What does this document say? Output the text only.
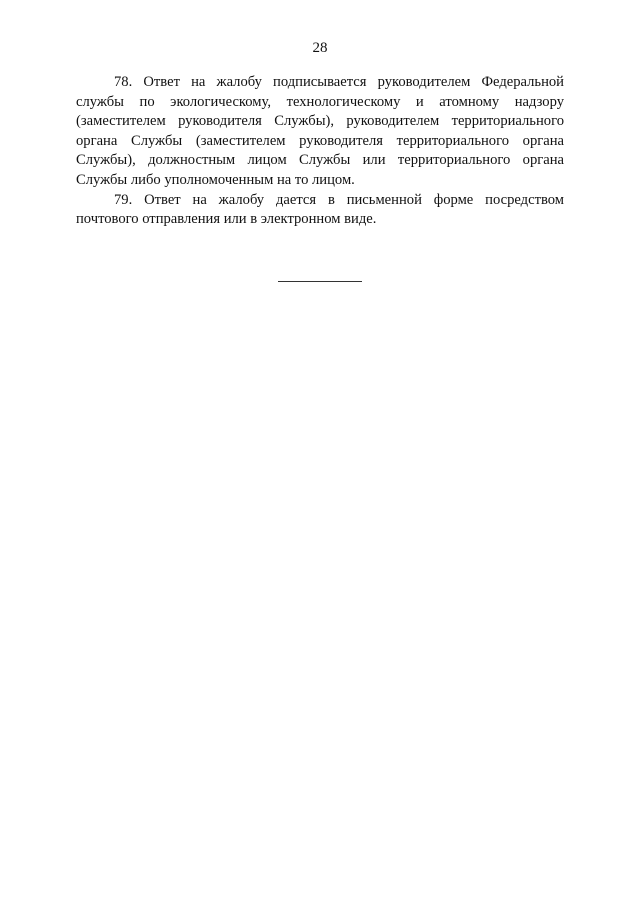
28

78. Ответ на жалобу подписывается руководителем Федеральной службы по экологическому, технологическому и атомному надзору (заместителем руководителя Службы), руководителем территориального органа Службы (заместителем руководителя территориального органа Службы), должностным лицом Службы или территориального органа Службы либо уполномоченным на то лицом.

79. Ответ на жалобу дается в письменной форме посредством почтового отправления или в электронном виде.
